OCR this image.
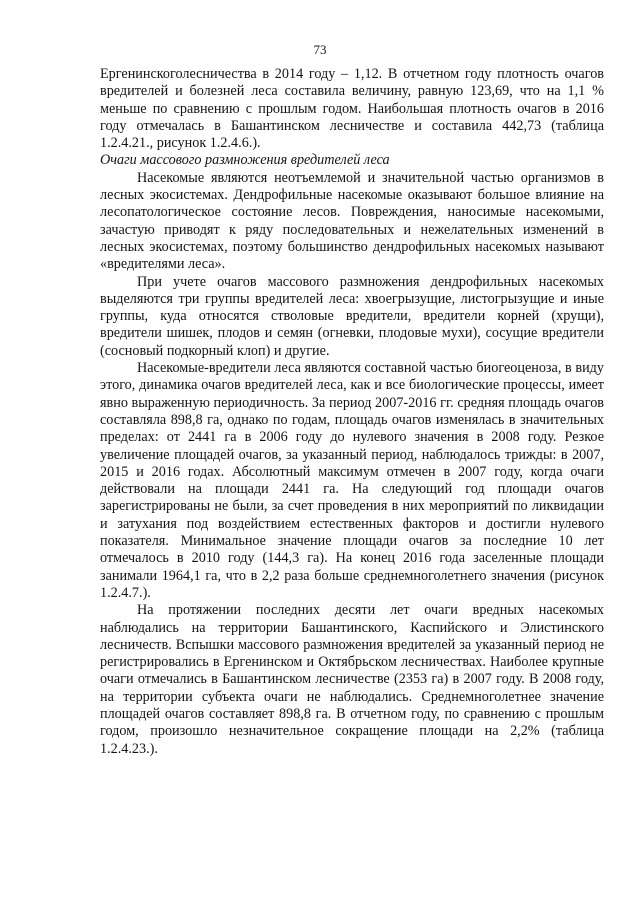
73

Ергенинскоголесничества в 2014 году – 1,12. В отчетном году плотность очагов вредителей и болезней леса составила величину, равную 123,69, что на 1,1 % меньше по сравнению с прошлым годом. Наибольшая плотность очагов в 2016 году отмечалась в Башантинском лесничестве и составила 442,73 (таблица 1.2.4.21., рисунок 1.2.4.6.).

Очаги массового размножения вредителей леса

Насекомые являются неотъемлемой и значительной частью организмов в лесных экосистемах. Дендрофильные насекомые оказывают большое влияние на лесопатологическое состояние лесов. Повреждения, наносимые насекомыми, зачастую приводят к ряду последовательных и нежелательных изменений в лесных экосистемах, поэтому большинство дендрофильных насекомых называют «вредителями леса».

При учете очагов массового размножения дендрофильных насекомых выделяются три группы вредителей леса: хвоегрызущие, листогрызущие и иные группы, куда относятся стволовые вредители, вредители корней (хрущи), вредители шишек, плодов и семян (огневки, плодовые мухи), сосущие вредители (сосновый подкорный клоп) и другие.

Насекомые-вредители леса являются составной частью биогеоценоза, в виду этого, динамика очагов вредителей леса, как и все биологические процессы, имеет явно выраженную периодичность. За период 2007-2016 гг. средняя площадь очагов составляла 898,8 га, однако по годам, площадь очагов изменялась в значительных пределах: от 2441 га в 2006 году до нулевого значения в 2008 году. Резкое увеличение площадей очагов, за указанный период, наблюдалось трижды: в 2007, 2015 и 2016 годах. Абсолютный максимум отмечен в 2007 году, когда очаги действовали на площади 2441 га. На следующий год площади очагов зарегистрированы не были, за счет проведения в них мероприятий по ликвидации и затухания под воздействием естественных факторов и достигли нулевого показателя. Минимальное значение площади очагов за последние 10 лет отмечалось в 2010 году (144,3 га). На конец 2016 года заселенные площади занимали 1964,1 га, что в 2,2 раза больше среднемноголетнего значения (рисунок 1.2.4.7.).

На протяжении последних десяти лет очаги вредных насекомых наблюдались на территории Башантинского, Каспийского и Элистинского лесничеств. Вспышки массового размножения вредителей за указанный период не регистрировались в Ергенинском и Октябрьском лесничествах. Наиболее крупные очаги отмечались в Башантинском лесничестве (2353 га) в 2007 году. В 2008 году, на территории субъекта очаги не наблюдались. Среднемноголетнее значение площадей очагов составляет 898,8 га. В отчетном году, по сравнению с прошлым годом, произошло незначительное сокращение площади на 2,2% (таблица 1.2.4.23.).
